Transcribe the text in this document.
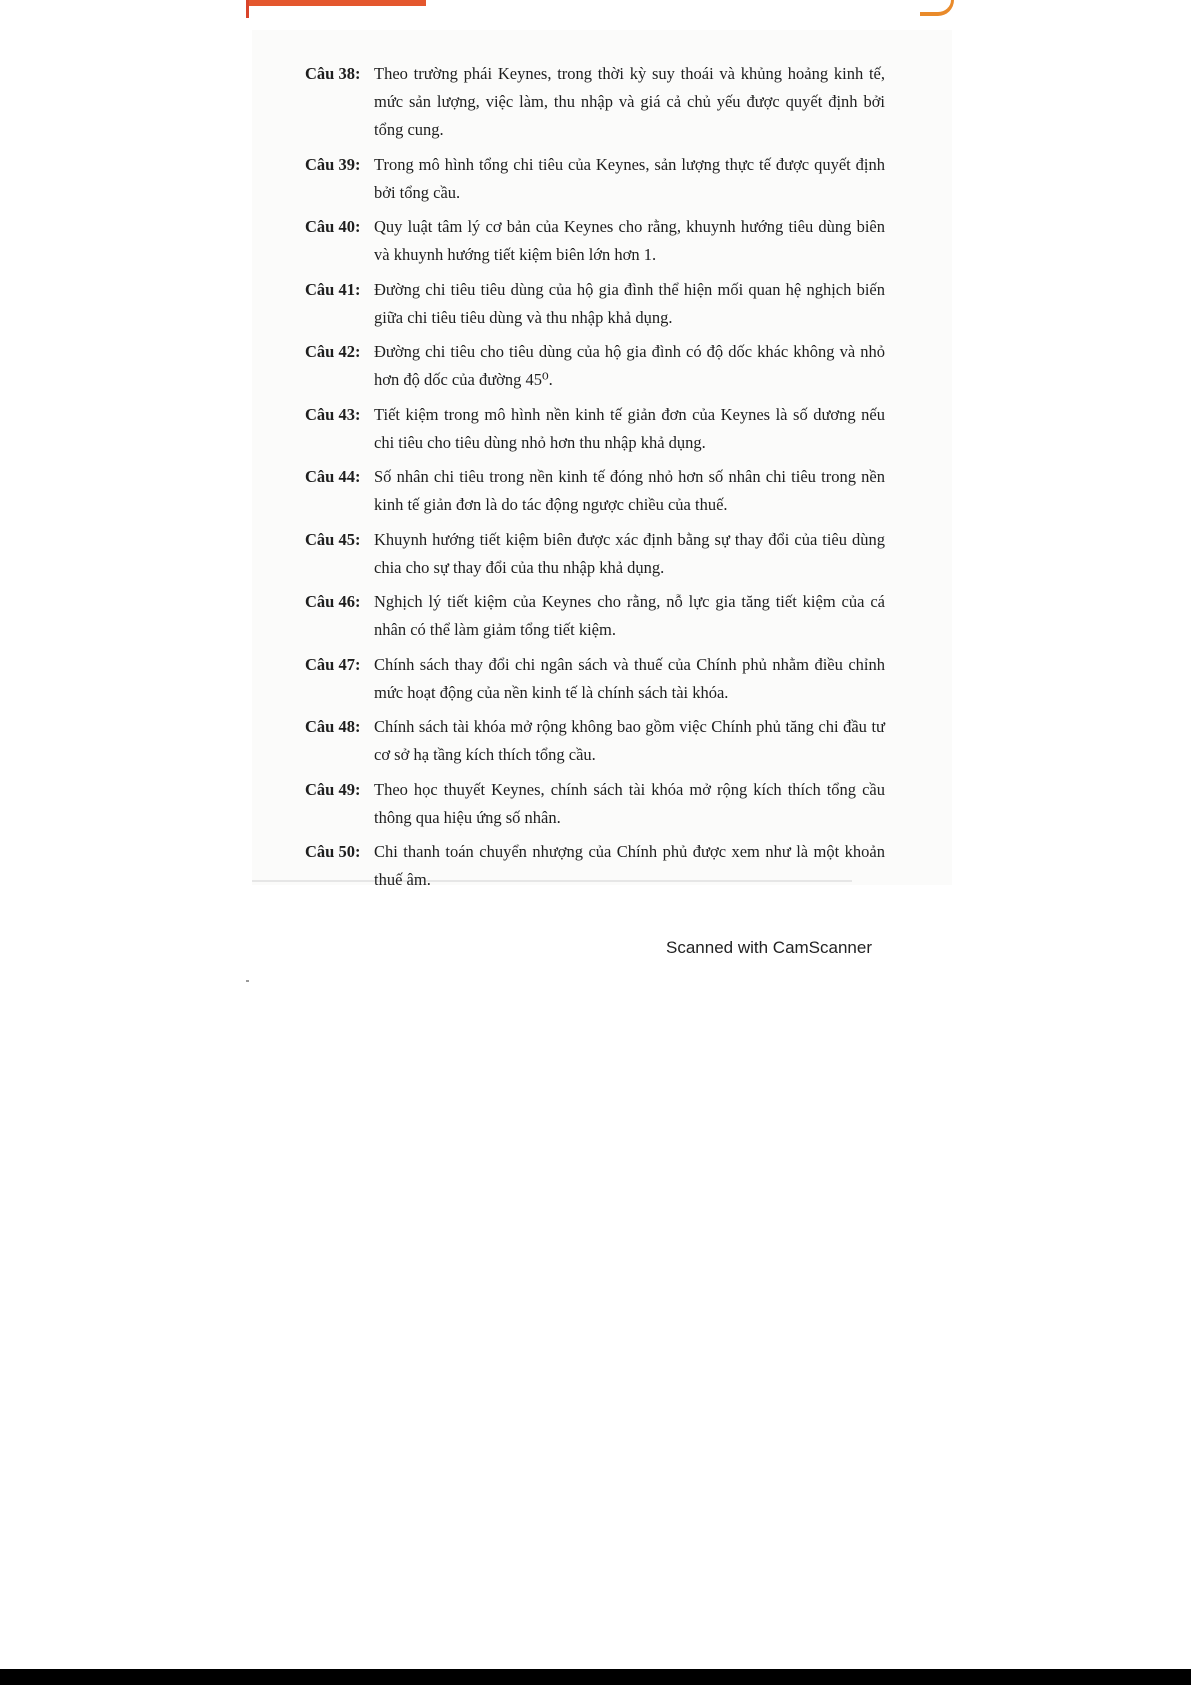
Câu 38: Theo trường phái Keynes, trong thời kỳ suy thoái và khủng hoảng kinh tế, mức sản lượng, việc làm, thu nhập và giá cả chủ yếu được quyết định bởi tổng cung.
Câu 39: Trong mô hình tổng chi tiêu của Keynes, sản lượng thực tế được quyết định bởi tổng cầu.
Câu 40: Quy luật tâm lý cơ bản của Keynes cho rằng, khuynh hướng tiêu dùng biên và khuynh hướng tiết kiệm biên lớn hơn 1.
Câu 41: Đường chi tiêu tiêu dùng của hộ gia đình thể hiện mối quan hệ nghịch biến giữa chi tiêu tiêu dùng và thu nhập khả dụng.
Câu 42: Đường chi tiêu cho tiêu dùng của hộ gia đình có độ dốc khác không và nhỏ hơn độ dốc của đường 45⁰.
Câu 43: Tiết kiệm trong mô hình nền kinh tế giản đơn của Keynes là số dương nếu chi tiêu cho tiêu dùng nhỏ hơn thu nhập khả dụng.
Câu 44: Số nhân chi tiêu trong nền kinh tế đóng nhỏ hơn số nhân chi tiêu trong nền kinh tế giản đơn là do tác động ngược chiều của thuế.
Câu 45: Khuynh hướng tiết kiệm biên được xác định bằng sự thay đổi của tiêu dùng chia cho sự thay đổi của thu nhập khả dụng.
Câu 46: Nghịch lý tiết kiệm của Keynes cho rằng, nỗ lực gia tăng tiết kiệm của cá nhân có thể làm giảm tổng tiết kiệm.
Câu 47: Chính sách thay đổi chi ngân sách và thuế của Chính phủ nhằm điều chỉnh mức hoạt động của nền kinh tế là chính sách tài khóa.
Câu 48: Chính sách tài khóa mở rộng không bao gồm việc Chính phủ tăng chi đầu tư cơ sở hạ tầng kích thích tổng cầu.
Câu 49: Theo học thuyết Keynes, chính sách tài khóa mở rộng kích thích tổng cầu thông qua hiệu ứng số nhân.
Câu 50: Chi thanh toán chuyển nhượng của Chính phủ được xem như là một khoản thuế âm.
Scanned with CamScanner
